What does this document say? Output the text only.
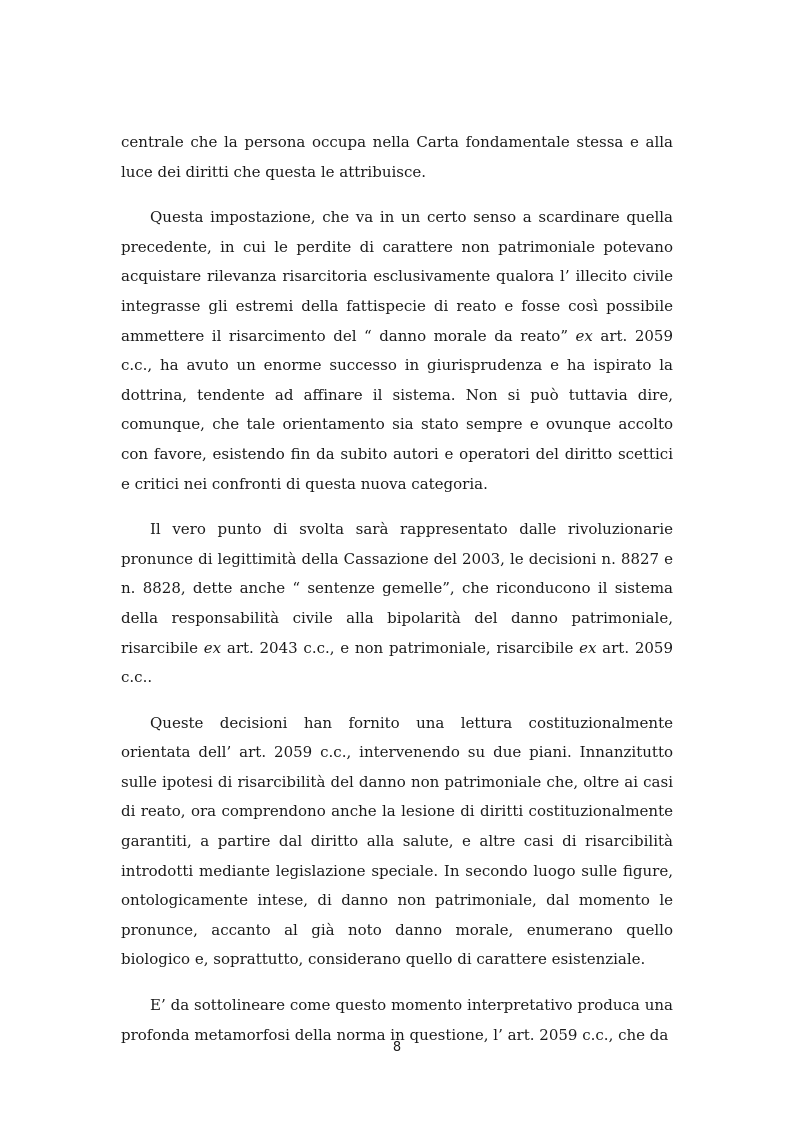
centrale che la persona occupa nella Carta fondamentale stessa e alla luce dei diritti che questa le attribuisce.

Questa impostazione, che va in un certo senso a scardinare quella precedente, in cui le perdite di carattere non patrimoniale potevano acquistare rilevanza risarcitoria esclusivamente qualora l’ illecito civile integrasse gli estremi della fattispecie di reato e fosse così possibile ammettere il risarcimento del “ danno morale da reato” ex art. 2059 c.c., ha avuto un enorme successo in giurisprudenza e ha ispirato la dottrina, tendente ad affinare il sistema. Non si può tuttavia dire, comunque, che tale orientamento sia stato sempre e ovunque accolto con favore, esistendo fin da subito autori e operatori del diritto scettici e critici nei confronti di questa nuova categoria.

Il vero punto di svolta sarà rappresentato dalle rivoluzionarie pronunce di legittimità della Cassazione del 2003, le decisioni n. 8827 e n. 8828, dette anche “ sentenze gemelle”, che riconducono il sistema della responsabilità civile alla bipolarità del danno patrimoniale, risarcibile ex art. 2043 c.c., e non patrimoniale, risarcibile ex art. 2059 c.c..

Queste decisioni han fornito una lettura costituzionalmente orientata dell’ art. 2059 c.c., intervenendo su due piani. Innanzitutto sulle ipotesi di risarcibilità del danno non patrimoniale che, oltre ai casi di reato, ora comprendono anche la lesione di diritti costituzionalmente garantiti, a partire dal diritto alla salute, e altre casi di risarcibilità introdotti mediante legislazione speciale. In secondo luogo sulle figure, ontologicamente intese, di danno non patrimoniale, dal momento le pronunce, accanto al già noto danno morale, enumerano quello biologico e, soprattutto, considerano quello di carattere esistenziale.

E’ da sottolineare come questo momento interpretativo produca una profonda metamorfosi della norma in questione, l’ art. 2059 c.c., che da

8
